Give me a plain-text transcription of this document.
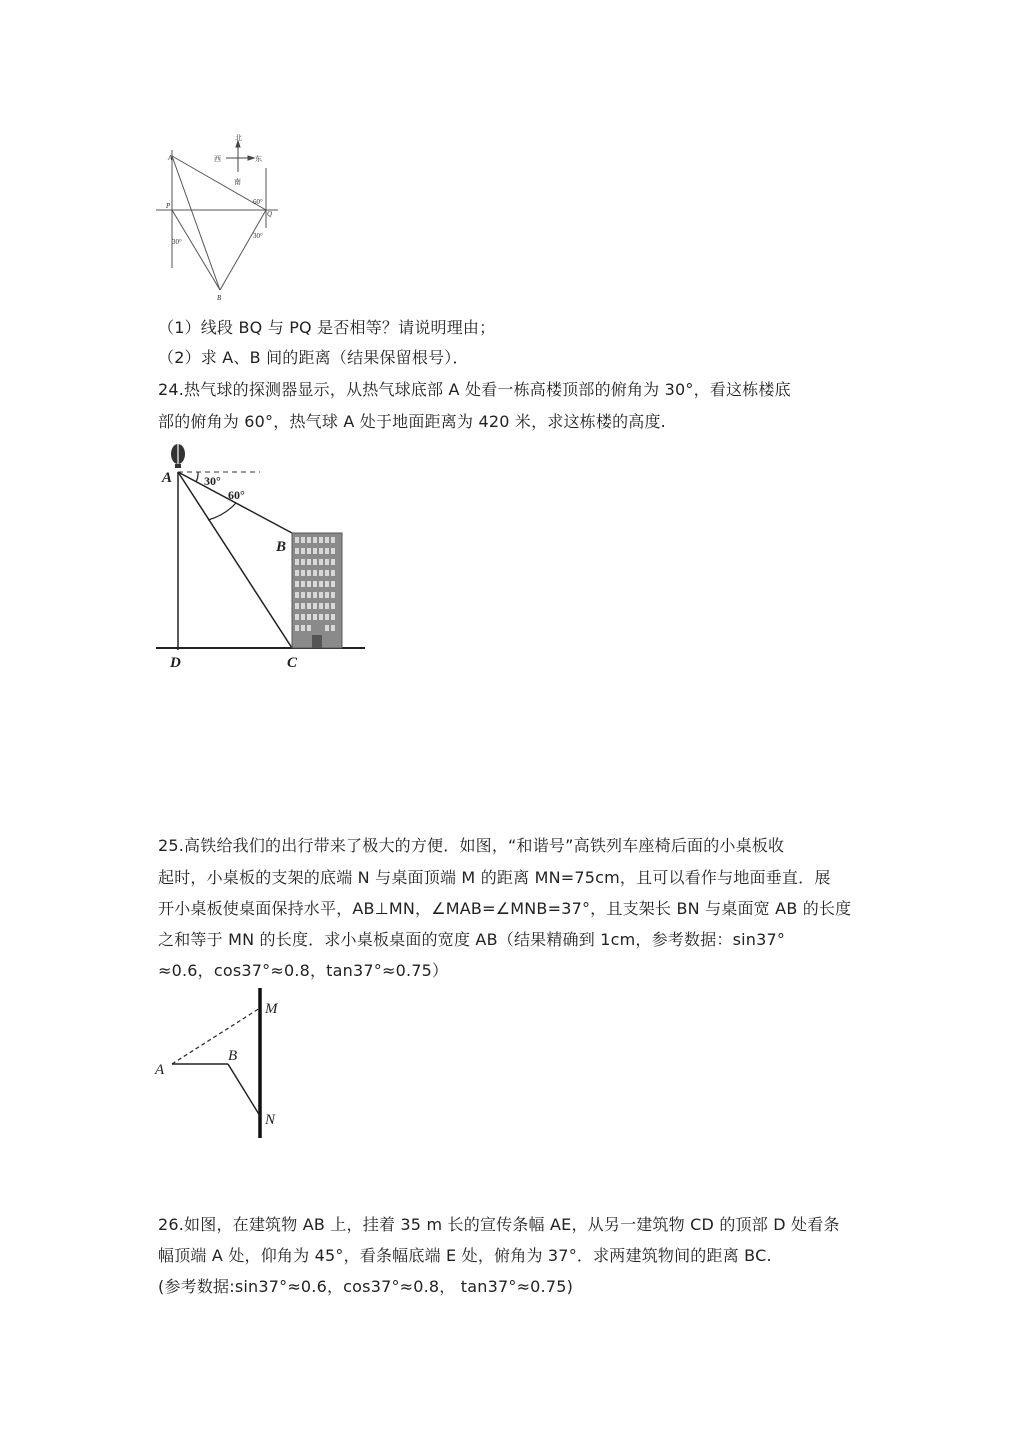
北
西	东
南
A
P
Q
B
60°
30°
30°
（1）线段 BQ 与 PQ 是否相等？请说明理由；
（2）求 A、B 间的距离（结果保留根号）．
24.热气球的探测器显示，从热气球底部 A 处看一栋高楼顶部的俯角为 30°，看这栋楼底
部的俯角为 60°，热气球 A 处于地面距离为 420 米，求这栋楼的高度.
A	30°
60°
B
D	C
25.高铁给我们的出行带来了极大的方便．如图，“和谐号”高铁列车座椅后面的小桌板收
起时，小桌板的支架的底端 N 与桌面顶端 M 的距离 MN=75cm，且可以看作与地面垂直．展
开小桌板使桌面保持水平，AB⊥MN，∠MAB=∠MNB=37°，且支架长 BN 与桌面宽 AB 的长度
之和等于 MN 的长度．求小桌板桌面的宽度 AB（结果精确到 1cm，参考数据：sin37°
≈0.6，cos37°≈0.8，tan37°≈0.75）
A
B
M
N
26.如图，在建筑物 AB 上，挂着 35 m 长的宣传条幅 AE，从另一建筑物 CD 的顶部 D 处看条
幅顶端 A 处，仰角为 45°，看条幅底端 E 处，俯角为 37°．求两建筑物间的距离 BC.
(参考数据:sin37°≈0.6，cos37°≈0.8， tan37°≈0.75)
